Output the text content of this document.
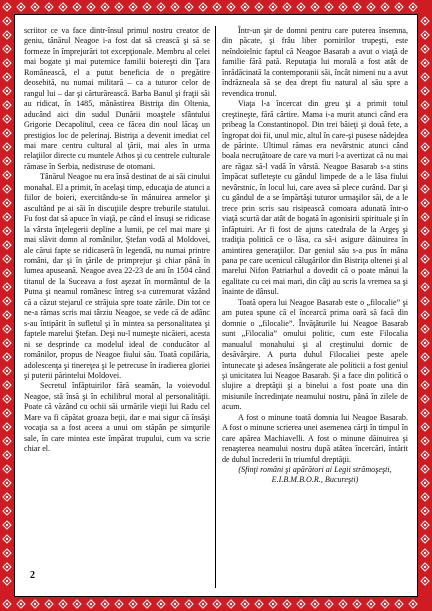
scriitor ce va face dintr-însul primul nostru creator de geniu, tânărul Neagoe i-a fost dat să crească şi să se formeze în împrejurări tot excepţionale. Membru al celei mai bogate şi mai puternice familii boiereşti din Ţara Românească, el a putut beneficia de o pregătire deosebită, nu numai militară – ca a tuturor celor de rangul lui – dar şi cărturărească. Barba Banul şi fraţii săi au ridicat, în 1485, mănăstirea Bistriţa din Oltenia, aducând aici din sudul Dunării moaştele sfântului Grigorie Decapolitul, ceea ce făcea din noul lăcaş un prestigios loc de pelerinaj. Bistriţa a devenit imediat cel mai mare centru cultural al ţării, mai ales în urma relaţiilor directe cu muntele Athos şi cu centrele culturale rămase în Serbia, nedistruse de otomani.

Tânărul Neagoe nu era însă destinat de ai săi cinului monahal. El a primit, în acelaşi timp, educaţia de atunci a fiilor de boieri, exercitându-se în mânuirea armelor şi ascultând pe ai săi în discuţiile despre treburile statului. Fu fost dat să apuce în viaţă, pe când el însuşi se ridicase la vârsta înţelegerii depline a lumii, pe cel mai mare şi mai slăvit domn al românilor, Ştefan vodă al Moldovei, ale cărui fapte se ridicaseră în legendă, nu numai printre români, dar şi în ţările de primprejur şi chiar până în lumea apuseană. Neagoe avea 22-23 de ani în 1504 când titanul de la Suceava a fost aşezat în mormântul de la Putna şi neamul românesc întreg s-a cutremurat văzând că a căzut stejarul ce străjuia spre toate zările. Din tot ce ne-a rămas scris mai târziu Neagoe, se vede că de adânc s-au întipărit în sufletul şi în mintea sa personalitatea şi faptele marelui Ştefan. Deşi nu-l numeşte nicăieri, acesta ni se desprinde ca modelul ideal de conducător al românilor, propus de Neagoe fiului său. Toată copilăria, adolescenţa şi tinereţea şi le petrecuse în iradierea gloriei şi puterii părintelui Moldovei.

Secretul înfăptuirilor fără seamăn, la voievodul Neagoe, stă însă şi în echilibrul moral al personalităţii. Poate că văzând cu ochii săi urmările vieţii lui Radu cel Mare va fi căpătat groaza beţii, dar e mai sigur că însăşi vocaţia sa a fost aceea a unui om stăpân pe simţurile sale, în care mintea este împărat trupului, cum va scrie chiar el.

Într-un şir de domni pentru care puterea însemna, din păcate, şi frâu liber pornirilor trupeşti, este neîndoielnic faptul că Neagoe Basarab a avut o viaţă de familie fără pată. Reputaţia lui morală a fost atât de înrădăcinată la contemporanii săi, încât nimeni nu a avut îndrăzneala să se dea drept fiu natural al său spre a revendica tronul.

Viaţa l-a încercat din greu şi a primit totul creştineşte, fără cârtire. Mama i-a murit atunci când era pribeag la Constantinopol. Din trei băieţi şi două fete, a îngropat doi fii, unul mic, altul în care-şi pusese nădejdea de părinte. Ultimul rămas era nevârstnic atunci când boala necruţătoare de care va muri l-a avertizat că nu mai are răgaz să-l vadă în vârstă. Neagoe Basarab s-a stins împăcat sufleteşte cu gândul limpede de a le lăsa fiului nevârstnic, în locul lui, care avea să plece curând. Dar şi cu gândul de a se împărtăşi tuturor urmaşilor săi, de a le trece prin scris sau risipească comoara adunată într-o viaţă scurtă dar atât de bogată în agonisirii spirituale şi în înfăptuiri. Ar fi fost de ajuns catedrala de la Argeş şi tradiţia politică ce o lăsa, ca să-i asigure dăinuirea în amintirea generaţiilor. Dar geniul său s-a pus în mâna pana pe care ucenicul călugărilor din Bistriţa oltenei şi al marelui Nifon Patriarhul a dovedit că o poate mânui la egalitate cu cei mai mari, din câţi au scris la vremea sa şi înainte de dânsul.

Toată opera lui Neagoe Basarab este o „filocalie” şi am putea spune că el încearcă prima oară să facă din domnie o „filocalie”. Învăţăturile lui Neagoe Basarab sunt „Filocalia” omului politic, cum este Filocalia manualul monahului şi al creştinului dornic de desăvârşire. A purta duhul Filocaliei peste apele întunecate şi adesea însângerate ale politicii a fost geniul şi unicitatea lui Neagoe Basarab. Şi a face din politică o slujire a dreptăţii şi a binelui a fost poate una din misiunile încredinţate neamului nostru, până în zilele de acum.

A fost o minune toată domnia lui Neagoe Basarab. A fost o minune scrierea unei asemenea cărţi în timpul în care apărea Machiavelli. A fost o minune dăinuirea şi renaşterea neamului nostru după atâtea încercări, întărit de duhul încrederii în triumful dreptăţii.

(Sfinţi români şi apărători ai Legii strămoşeşti, E.I.B.M.B.O.R., Bucureşti)

2
